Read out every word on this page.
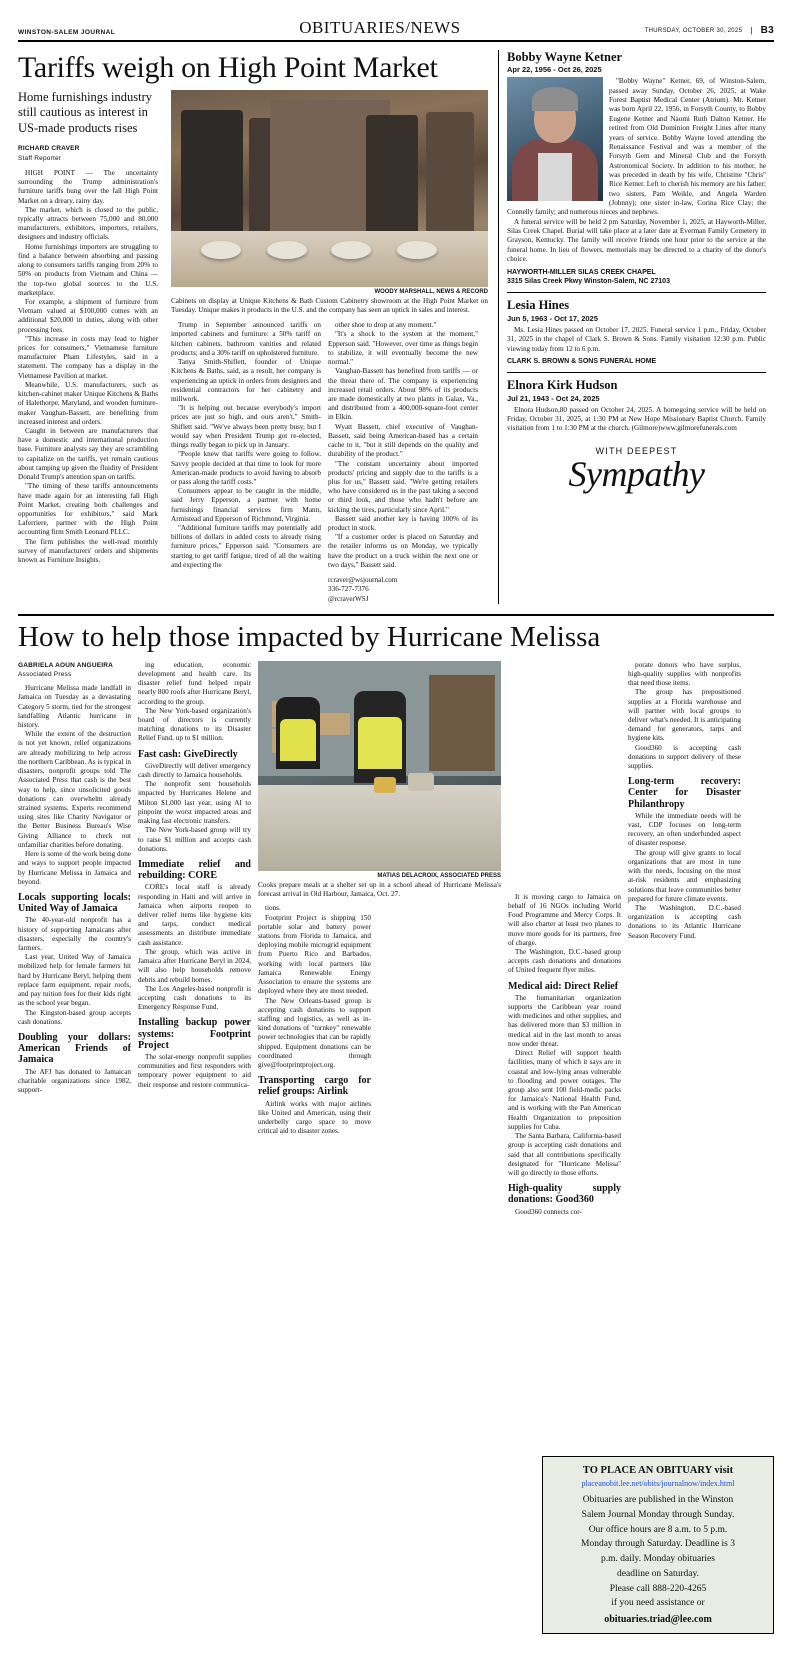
WINSTON-SALEM JOURNAL	OBITUARIES/NEWS	THURSDAY, OCTOBER 30, 2025 | B3
Tariffs weigh on High Point Market
Home furnishings industry still cautious as interest in US-made products rises
RICHARD CRAVER
Staff Reporter

HIGH POINT — The uncertainty surrounding the Trump administration's furniture tariffs hung over the fall High Point Market on a dreary, rainy day.

The market, which is closed to the public, typically attracts between 75,000 and 80,000 manufacturers, exhibitors, importers, retailers, designers and industry officials.

Home furnishings importers are struggling to find a balance between absorbing and passing along to consumers tariffs ranging from 20% to 50% on products from Vietnam and China — the top-two global sources to the U.S. marketplace.

For example, a shipment of furniture from Vietnam valued at $100,000 comes with an additional $20,000 in duties, along with other processing fees.

"This increase in costs may lead to higher prices for consumers," Vietnamese furniture manufacturer Pham Lifestyles, said in a statement. The company has a display in the Vietnamese Pavilion at market.

Meanwhile, U.S. manufacturers, such as kitchen-cabinet maker Unique Kitchens & Baths of Halethorpe, Maryland, and wooden furniture-maker Vaughan-Bassett, are benefiting from increased interest and orders.

Caught in between are manufacturers that have a domestic and international production base. Furniture analysts say they are scrambling to capitalize on the tariffs, yet remain cautious about ramping up given the fluidity of President Donald Trump's attention span on tariffs.

"The timing of these tariffs announcements have made again for an interesting fall High Point Market, creating both challenges and opportunities for exhibitors," said Mark Laferriere, partner with the High Point accounting firm Smith Leonard PLLC.

The firm publishes the well-read monthly survey of manufacturers' orders and shipments known as Furniture Insights.

WOODY MARSHALL, NEWS & RECORD
Cabinets on display at Unique Kitchens & Bath Custom Cabinetry showroom at the High Point Market on Tuesday. Unique makes it products in the U.S. and the company has seen an uptick in sales and interest.

Trump in September announced tariffs on imported cabinets and furniture: a 50% tariff on kitchen cabinets, bathroom vanities and related products; and a 30% tariff on upholstered furniture.

Tanya Smith-Shiflett, founder of Unique Kitchens & Baths, said, as a result, her company is experiencing an uptick in orders from designers and residential contractors for her cabinetry and millwork.

"It is helping out because everybody's import prices are just so high, and ours aren't," Smith-Shiflett said. "We've always been pretty busy, but I would say when President Trump got re-elected, things really began to pick up in January.

"People knew that tariffs were going to follow. Savvy people decided at that time to look for more American-made products to avoid having to absorb or pass along the tariff costs."

Consumers appear to be caught in the middle, said Jerry Epperson, a partner with home furnishings financial services firm Mann, Armistead and Epperson of Richmond, Virginia.

"Additional furniture tariffs may potentially add billions of dollars in added costs to already rising furniture prices," Epperson said. "Consumers are starting to get tariff fatigue, tired of all the waiting and expecting the

other shoe to drop at any moment."

"It's a shock to the system at the moment," Epperson said. "However, over time as things begin to stabilize, it will eventually become the new normal."

Vaughan-Bassett has benefited from tariffs — or the threat there of. The company is experiencing increased retail orders. About 98% of its products are made domestically at two plants in Galax, Va., and distributed from a 400,000-square-foot center in Elkin.

Wyatt Bassett, chief executive of Vaughan-Bassett, said being American-based has a certain cache to it, "but it still depends on the quality and durability of the product."

"The constant uncertainty about imported products' pricing and supply due to the tariffs is a plus for us," Bassett said. "We're getting retailers who have considered us in the past taking a second or third look, and those who hadn't before are kicking the tires, particularly since April."

Bassett said another key is having 100% of its product in stock.

"If a customer order is placed on Saturday and the retailer informs us on Monday, we typically have the product on a truck within the next one or two days," Bassett said.

rcraver@wsjournal.com
336-727-7376
@rcraverWSJ
Bobby Wayne Ketner
Apr 22, 1956 - Oct 26, 2025

"Bobby Wayne" Ketner, 69, of Winston-Salem, passed away Sunday, October 26, 2025, at Wake Forest Baptist Medical Center (Atrium). Mr. Ketner was born April 22, 1956, in Forsyth County, to Bobby Eugene Ketner and Naomi Ruth Dalton Ketner. He retired from Old Dominion Freight Lines after many years of service. Bobby Wayne loved attending the Renaissance Festival and was a member of the Forsyth Gem and Mineral Club and the Forsyth Astronomical Society. In addition to his mother, he was preceded in death by his wife, Christine "Chris" Rice Ketner. Left to cherish his memory are his father; two sisters, Pam Weikle, and Angela Warden (Johnny); one sister in-law, Corina Rice Clay; the Connelly family; and numerous nieces and nephews.

A funeral service will be held 2 pm Saturday, November 1, 2025, at Hayworth-Miller, Silas Creek Chapel. Burial will take place at a later date at Everman Family Cemetery in Grayson, Kentucky. The family will receive friends one hour prior to the service at the funeral home. In lieu of flowers, memorials may be directed to a charity of the donor's choice.

HAYWORTH-MILLER SILAS CREEK CHAPEL
3315 Silas Creek Pkwy Winston-Salem, NC 27103
Lesia Hines
Jun 5, 1963 - Oct 17, 2025

Ms. Lesia Hines passed on October 17, 2025. Funeral service 1 p.m., Friday, October 31, 2025 in the chapel of Clark S. Brown & Sons. Family visitation 12:30 p.m. Public viewing today from 12 to 6 p.m.

CLARK S. BROWN & SONS FUNERAL HOME
Elnora Kirk Hudson
Jul 21, 1943 - Oct 24, 2025

Elnora Hudson,80 passed on October 24, 2025. A homegoing service will be held on Friday, October 31, 2025, at 1:30 PM at New Hope Missionary Baptist Church. Family visitation from 1 to 1:30 PM at the church. (Gilmore)www.gilmorefunerals.com

WITH DEEPEST
Sympathy
How to help those impacted by Hurricane Melissa
GABRIELA AOUN ANGUEIRA
Associated Press

Hurricane Melissa made landfall in Jamaica on Tuesday as a devastating Category 5 storm, tied for the strongest landfalling Atlantic hurricane in history.

While the extent of the destruction is not yet known, relief organizations are already mobilizing to help across the northern Caribbean. As is typical in disasters, nonprofit groups told The Associated Press that cash is the best way to help, since unsolicited goods donations can overwhelm already strained systems. Experts recommend using sites like Charity Navigator or the Better Business Bureau's Wise Giving Alliance to check out unfamiliar charities before donating.

Here is some of the work being done and ways to support people impacted by Hurricane Melissa in Jamaica and beyond.

Locals supporting locals: United Way of Jamaica

The 40-year-old nonprofit has a history of supporting Jamaicans after disasters, especially the country's farmers.

Last year, United Way of Jamaica mobilized help for female farmers hit hard by Hurricane Beryl, helping them replace farm equipment, repair roofs, and pay tuition fees for their kids right as the school year began.

The Kingston-based group accepts cash donations.

Doubling your dollars: American Friends of Jamaica

The AFJ has donated to Jamaican charitable organizations since 1982, support-

ing education, economic development and health care. Its disaster relief fund helped repair nearly 800 roofs after Hurricane Beryl, according to the group.

The New York-based organization's board of directors is currently matching donations to its Disaster Relief Fund, up to $1 million.

Fast cash: GiveDirectly

GiveDirectly will deliver emergency cash directly to Jamaica households.

The nonprofit sent households impacted by Hurricanes Helene and Milton $1,000 last year, using AI to pinpoint the worst impacted areas and making fast electronic transfers.

The New York-based group will try to raise $1 million and accepts cash donations.

Immediate relief and rebuilding: CORE

CORE's local staff is already responding in Haiti and will arrive in Jamaica when airports reopen to deliver relief items like hygiene kits and tarps, conduct medical assessments an distribute immediate cash assistance.

The group, which was active in Jamaica after Hurricane Beryl in 2024, will also help households remove debris and rebuild homes.

The Los Angeles-based nonprofit is accepting cash donations to its Emergency Response Fund.

Installing backup power systems: Footprint Project

The solar-energy nonprofit supplies communities and first responders with temporary power equipment to aid their response and restore communica-

MATIAS DELACROIX, ASSOCIATED PRESS
Cooks prepare meals at a shelter set up in a school ahead of Hurricane Melissa's forecast arrival in Old Harbour, Jamaica, Oct. 27.

tions.

Footprint Project is shipping 150 portable solar and battery power stations from Florida to Jamaica, and deploying mobile microgrid equipment from Puerto Rico and Barbados, working with local partners like Jamaica Renewable Energy Association to ensure the systems are deployed where they are most needed.

The New Orleans-based group is accepting cash donations to support staffing and logistics, as well as in-kind donations of "turnkey" renewable power technologies that can be rapidly shipped. Equipment donations can be coordinated through give@footprintproject.org.

Transporting cargo for relief groups: Airlink

Airlink works with major airlines like United and American, using their underbelly cargo space to move critical aid to disaster zones.

It is moving cargo to Jamaica on behalf of 16 NGOs including World Food Programme and Mercy Corps. It will also charter at least two planes to move more goods for its partners, free of charge.

The Washington, D.C.-based group accepts cash donations and donations of United frequent flyer miles.

Medical aid: Direct Relief

The humanitarian organization supports the Caribbean year round with medicines and other supplies, and has delivered more than $3 million in medical aid in the last month to areas now under threat.

Direct Relief will support health facilities, many of which it says are in coastal and low-lying areas vulnerable to flooding and power outages. The group also sent 100 field-medic packs for Jamaica's National Health Fund, and is working with the Pan American Health Organization to preposition supplies for Cuba.

The Santa Barbara, California-based group is accepting cash donations and said that all contributions specifically designated for "Hurricane Melissa" will go directly to those efforts.

High-quality supply donations: Good360

Good360 connects cor-

porate donors who have surplus, high-quality supplies with nonprofits that need those items.

The group has prepositioned supplies at a Florida warehouse and will partner with local groups to deliver what's needed. It is anticipating demand for generators, tarps and hygiene kits.

Good360 is accepting cash donations to support delivery of these supplies.

Long-term recovery: Center for Disaster Philanthropy

While the immediate needs will be vast, CDP focuses on long-term recovery, an often underfunded aspect of disaster response.

The group will give grants to local organizations that are most in tune with the needs, focusing on the most at-risk residents and emphasizing solutions that leave communities better prepared for future climate events.

The Washington, D.C.-based organization is accepting cash donations to its Atlantic Hurricane Season Recovery Fund.

TO PLACE AN OBITUARY visit
placeanobit.lee.net/obits/journalnow/index.html
Obituaries are published in the Winston
Salem Journal Monday through Sunday.
Our office hours are 8 a.m. to 5 p.m.
Monday through Saturday. Deadline is 3
p.m. daily. Monday obituaries
deadline on Saturday.
Please call 888-220-4265
if you need assistance or
obituaries.triad@lee.com
